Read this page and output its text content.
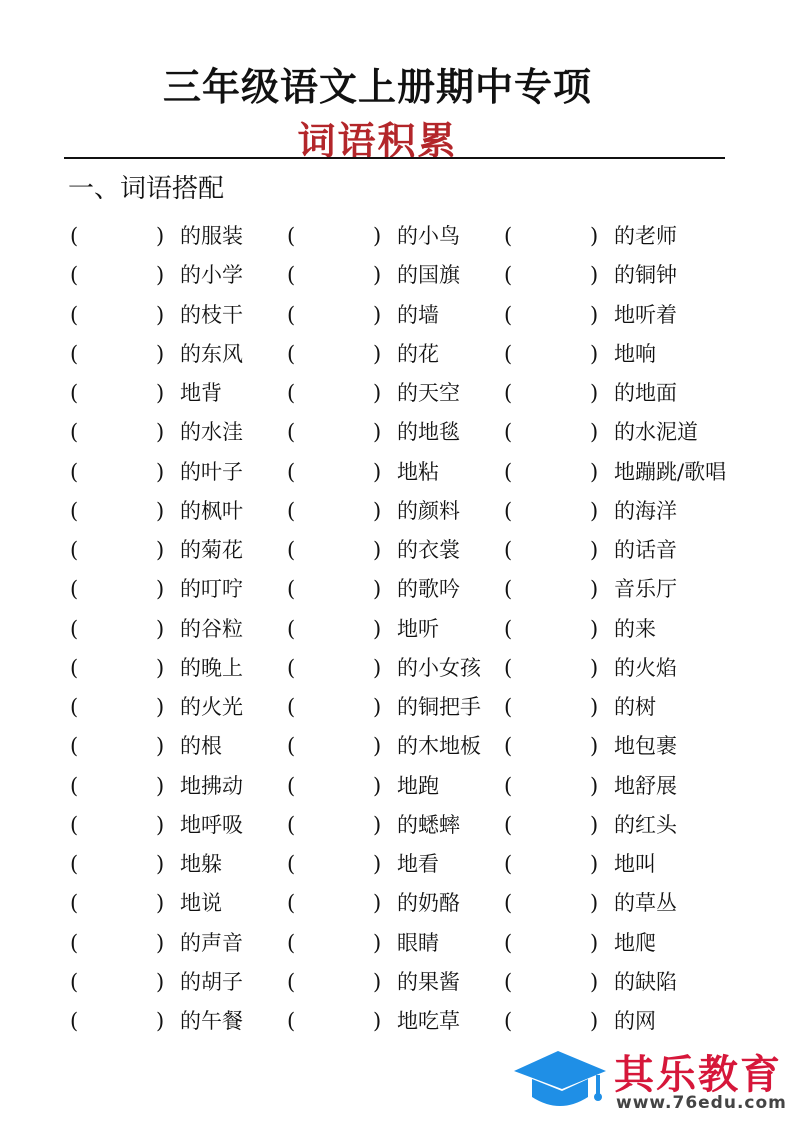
三年级语文上册期中专项
词语积累
一、词语搭配
(	) 的服装 (	) 的小鸟 (	) 的老师
(	) 的小学 (	) 的国旗 (	) 的铜钟
(	) 的枝干 (	) 的墙	(	) 地听着
(	) 的东风 (	) 的花	(	) 地响
(	) 地背	(	) 的天空 (	) 的地面
(	) 的水洼 (	) 的地毯 (	) 的水泥道
(	) 的叶子 (	) 地粘	(	) 地蹦跳/歌唱
(	) 的枫叶 (	) 的颜料 (	) 的海洋
(	) 的菊花 (	) 的衣裳 (	) 的话音
(	) 的叮咛 (	) 的歌吟 (	) 音乐厅
(	) 的谷粒 (	) 地听	(	) 的来
(	) 的晚上 (	) 的小女孩 (	) 的火焰
(	) 的火光 (	) 的铜把手 (	) 的树
(	) 的根	(	) 的木地板 (	) 地包裹
(	) 地拂动 (	) 地跑	(	) 地舒展
(	) 地呼吸 (	) 的蟋蟀 (	) 的红头
(	) 地躲	(	) 地看	(	) 地叫
(	) 地说	(	) 的奶酪 (	) 的草丛
(	) 的声音 (	) 眼睛	(	) 地爬
(	) 的胡子 (	) 的果酱 (	) 的缺陷
(	) 的午餐 (	) 地吃草 (	) 的网
其乐教育
www.76edu.com
